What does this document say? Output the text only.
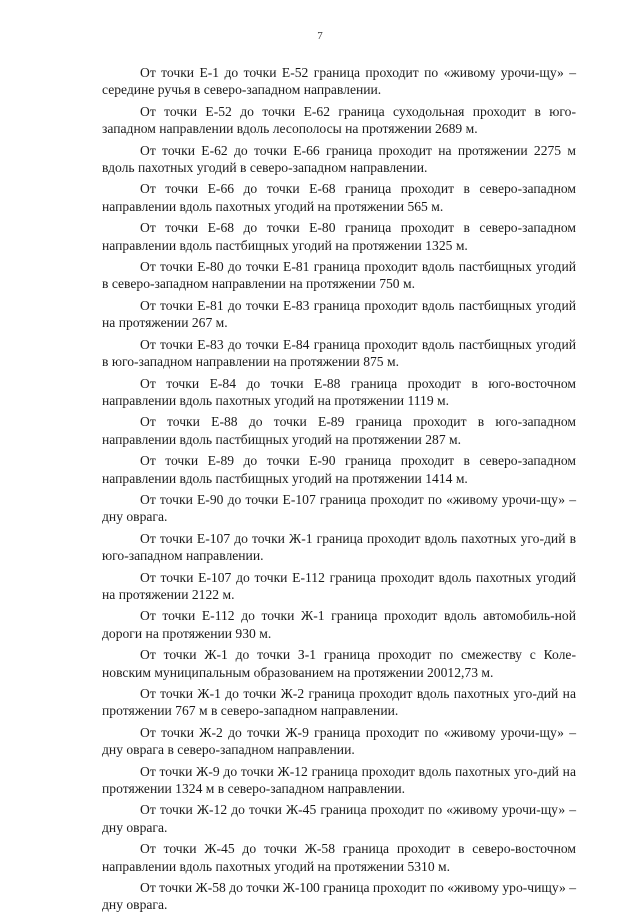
7

От точки Е-1 до точки Е-52 граница проходит по «живому урочи-щу» – середине ручья в северо-западном направлении.

От точки Е-52 до точки Е-62 граница суходольная проходит в юго-западном направлении вдоль лесополосы на протяжении 2689 м.

От точки Е-62 до точки Е-66 граница проходит на протяжении 2275 м вдоль пахотных угодий в северо-западном направлении.

От точки Е-66 до точки Е-68 граница проходит в северо-западном направлении вдоль пахотных угодий на протяжении 565 м.

От точки Е-68 до точки Е-80 граница проходит в северо-западном направлении вдоль пастбищных угодий на протяжении 1325 м.

От точки Е-80 до точки Е-81 граница проходит вдоль пастбищных угодий в северо-западном направлении на протяжении 750 м.

От точки Е-81 до точки Е-83 граница проходит вдоль пастбищных угодий на протяжении 267 м.

От точки Е-83 до точки Е-84 граница проходит вдоль пастбищных угодий в юго-западном направлении на протяжении 875 м.

От точки Е-84 до точки Е-88 граница проходит в юго-восточном направлении вдоль пахотных угодий на протяжении 1119 м.

От точки Е-88 до точки Е-89 граница проходит в юго-западном направлении вдоль пастбищных угодий на протяжении 287 м.

От точки Е-89 до точки Е-90 граница проходит в северо-западном направлении вдоль пастбищных угодий на протяжении 1414 м.

От точки Е-90 до точки Е-107 граница проходит по «живому урочи-щу» – дну оврага.

От точки Е-107 до точки Ж-1 граница проходит вдоль пахотных уго-дий в юго-западном направлении.

От точки Е-107 до точки Е-112 граница проходит вдоль пахотных угодий на протяжении 2122 м.

От точки Е-112 до точки Ж-1 граница проходит вдоль автомобиль-ной дороги на протяжении 930 м.

От точки Ж-1 до точки З-1 граница проходит по смежеству с Коле-новским муниципальным образованием на протяжении 20012,73 м.

От точки Ж-1 до точки Ж-2 граница проходит вдоль пахотных уго-дий на протяжении 767 м в северо-западном направлении.

От точки Ж-2 до точки Ж-9 граница проходит по «живому урочи-щу» – дну оврага в северо-западном направлении.

От точки Ж-9 до точки Ж-12 граница проходит вдоль пахотных уго-дий на протяжении 1324 м в северо-западном направлении.

От точки Ж-12 до точки Ж-45 граница проходит по «живому урочи-щу» – дну оврага.

От точки Ж-45 до точки Ж-58 граница проходит в северо-восточном направлении вдоль пахотных угодий на протяжении 5310 м.

От точки Ж-58 до точки Ж-100 граница проходит по «живому уро-чищу» – дну оврага.
